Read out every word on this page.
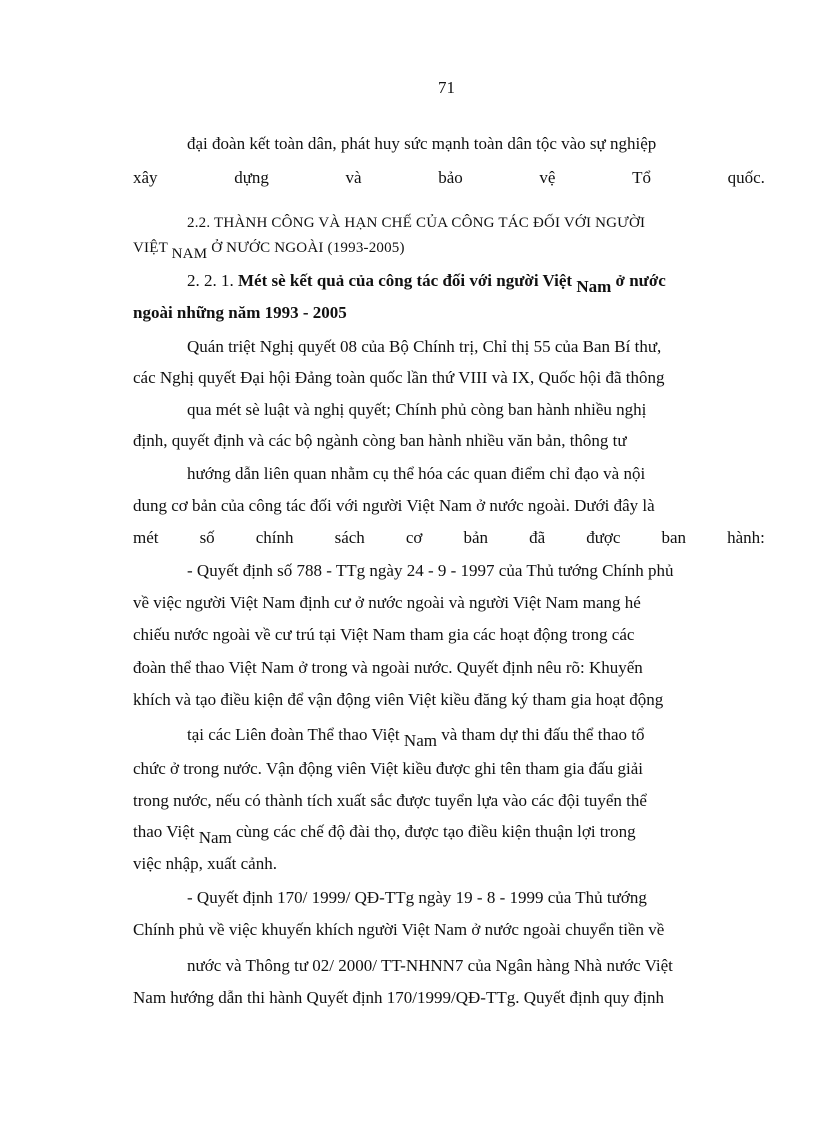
71
đại đoàn kết toàn dân, phát huy sức mạnh toàn dân tộc vào sự nghiệp
xây	dựng	và	bảo	vệ	Tổ	quốc.
2.2. THÀNH CÔNG VÀ HẠN CHẾ CỦA CÔNG TÁC ĐỐI VỚI NGƯỜI
VIỆT NAM Ở NƯỚC NGOÀI (1993-2005)
2. 2. 1. Mét sè kết quả của công tác đối với người Việt Nam ở nước
ngoài những năm 1993 - 2005
Quán triệt Nghị quyết 08 của Bộ Chính trị, Chỉ thị 55 của Ban Bí thư,
các Nghị quyết Đại hội Đảng toàn quốc lần thứ VIII và IX, Quốc hội đã thông
qua mét sè luật và nghị quyết; Chính phủ còng ban hành nhiều nghị
định, quyết định và các bộ ngành còng ban hành nhiều văn bản, thông tư
hướng dẫn liên quan nhằm cụ thể hóa các quan điểm chỉ đạo và nội
dung cơ bản của công tác đối với người Việt Nam ở nước ngoài. Dưới đây là
mét số chính sách cơ bản đã được ban hành:
- Quyết định số 788 - TTg ngày 24 - 9 - 1997 của Thủ tướng Chính phủ
về việc người Việt Nam định cư ở nước ngoài và người Việt Nam mang hé
chiếu nước ngoài về cư trú tại Việt Nam tham gia các hoạt động trong các
đoàn thể thao Việt Nam ở trong và ngoài nước. Quyết định nêu rõ: Khuyến
khích và tạo điều kiện để vận động viên Việt kiều đăng ký tham gia hoạt động
tại các Liên đoàn Thể thao Việt Nam và tham dự thi đấu thể thao tổ
chức ở trong nước. Vận động viên Việt kiều được ghi tên tham gia đấu giải
trong nước, nếu có thành tích xuất sắc được tuyển lựa vào các đội tuyển thể
thao Việt Nam cùng các chế độ đài thọ, được tạo điều kiện thuận lợi trong
việc nhập, xuất cảnh.
- Quyết định 170/ 1999/ QĐ-TTg ngày 19 - 8 - 1999 của Thủ tướng
Chính phủ về việc khuyến khích người Việt Nam ở nước ngoài chuyển tiền về
nước và Thông tư 02/ 2000/ TT-NHNN7 của Ngân hàng Nhà nước Việt
Nam hướng dẫn thi hành Quyết định 170/1999/QĐ-TTg. Quyết định quy định
